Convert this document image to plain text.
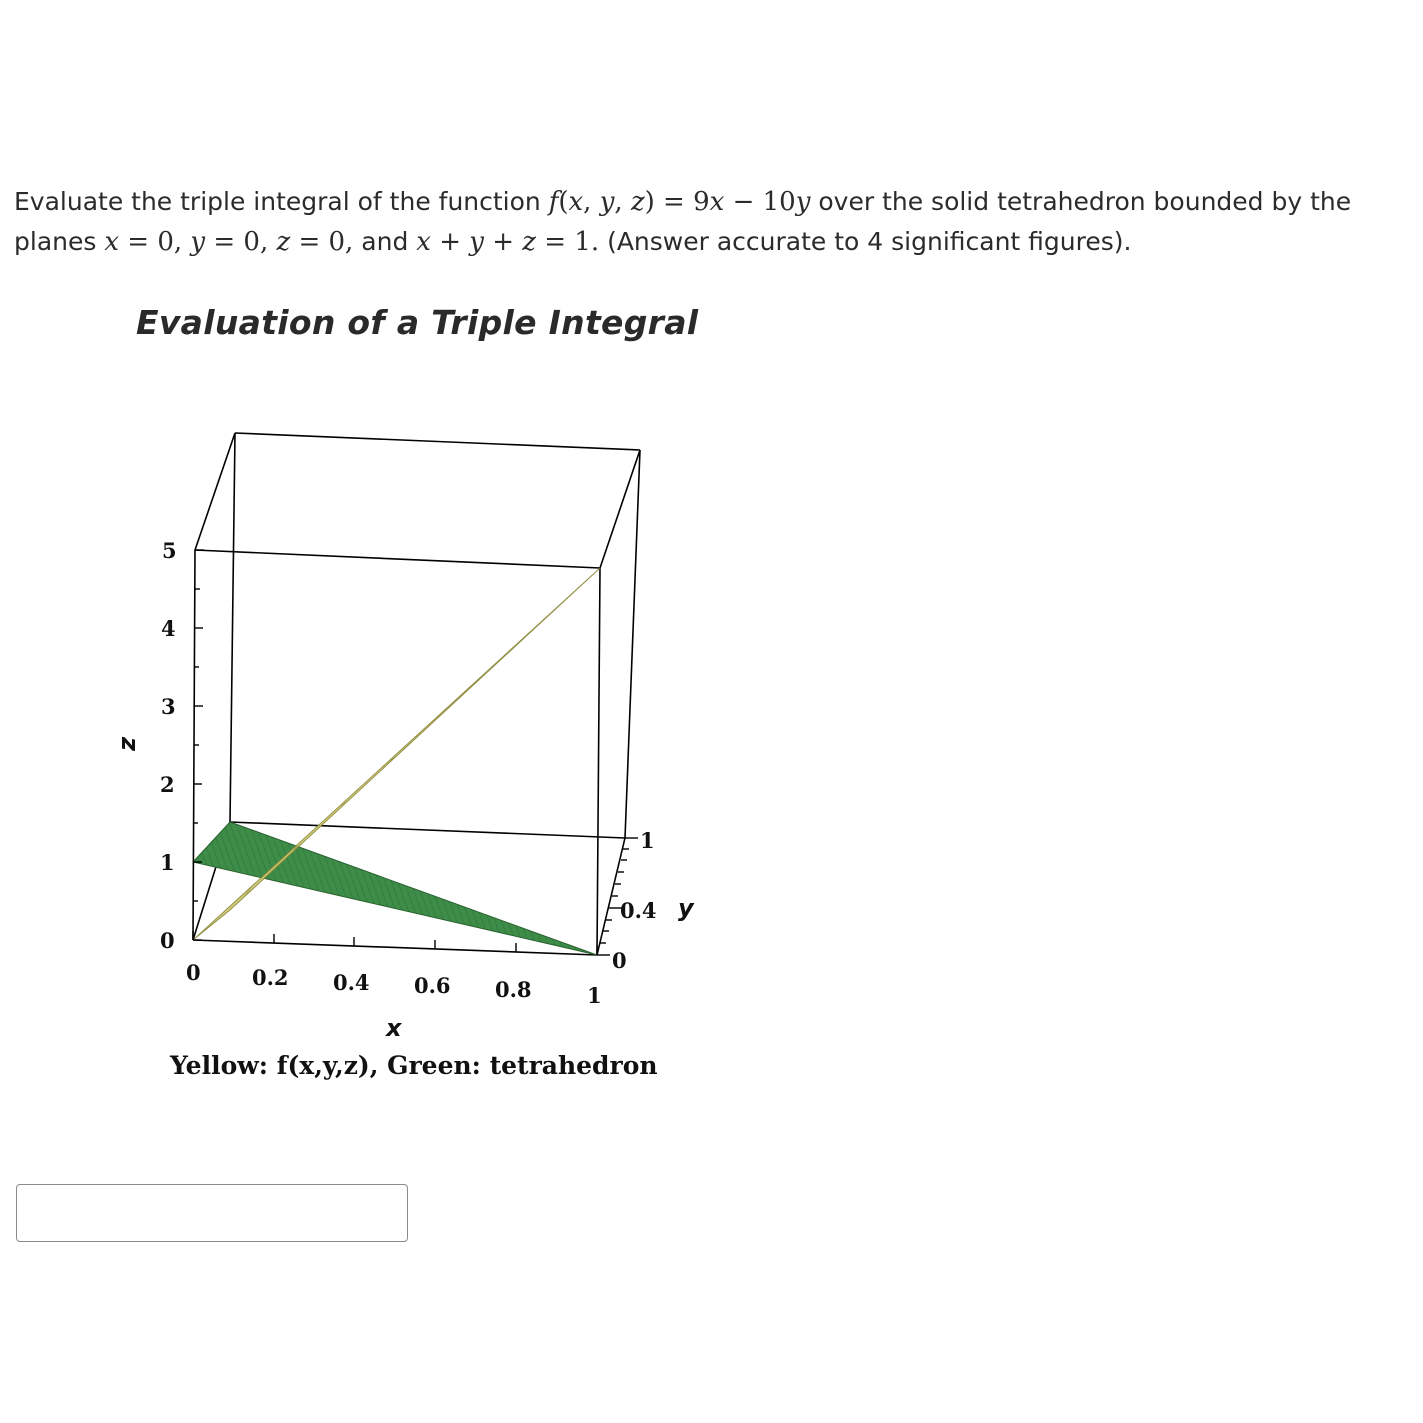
Evaluate the triple integral of the function f(x, y, z) = 9x − 10y over the solid tetrahedron bounded by the planes x = 0, y = 0, z = 0, and x + y + z = 1. (Answer accurate to 4 significant figures).
Evaluation of a Triple Integral
0
1
2
3
4
5
z
0 0.2 0.4 0.6 0.8	1
x
0
0.4
1
y
Yellow: f(x,y,z), Green: tetrahedron
